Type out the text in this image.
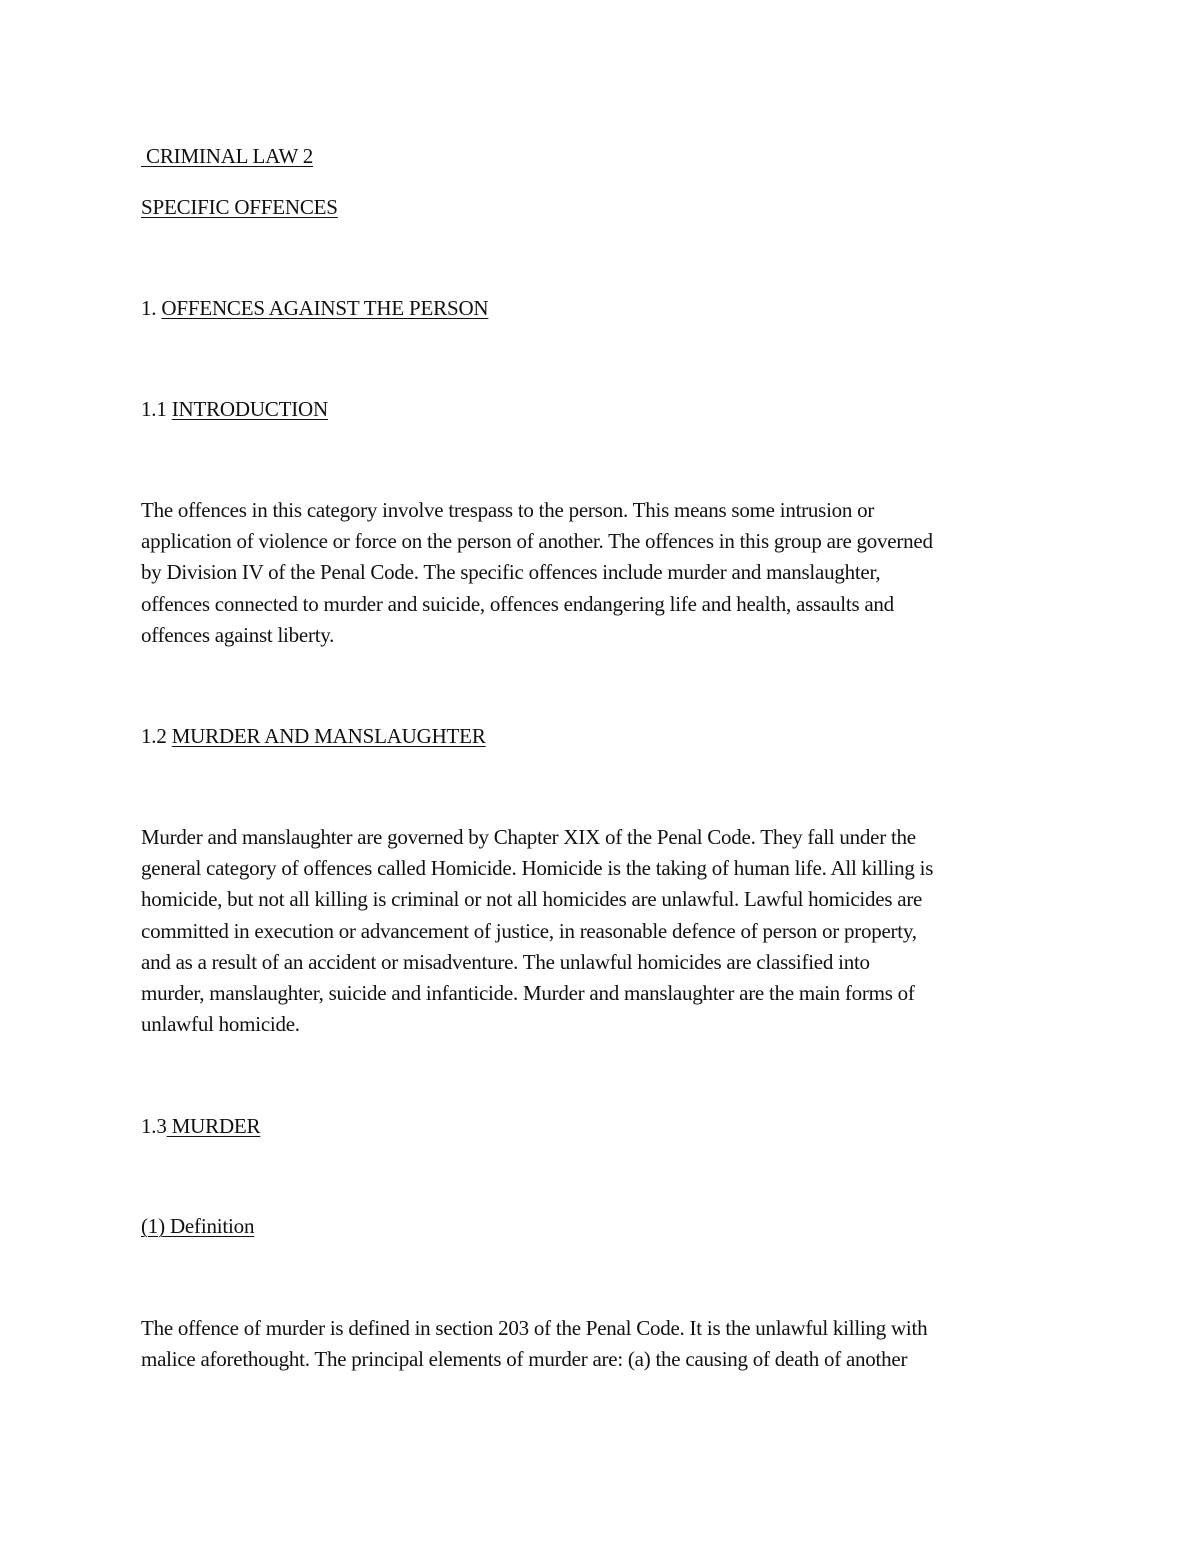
CRIMINAL LAW 2
SPECIFIC OFFENCES
1. OFFENCES AGAINST THE PERSON
1.1 INTRODUCTION
The offences in this category involve trespass to the person. This means some intrusion or
application of violence or force on the person of another. The offences in this group are governed
by Division IV of the Penal Code. The specific offences include murder and manslaughter,
offences connected to murder and suicide, offences endangering life and health, assaults and
offences against liberty.
1.2 MURDER AND MANSLAUGHTER
Murder and manslaughter are governed by Chapter XIX of the Penal Code. They fall under the
general category of offences called Homicide. Homicide is the taking of human life. All killing is
homicide, but not all killing is criminal or not all homicides are unlawful. Lawful homicides are
committed in execution or advancement of justice, in reasonable defence of person or property,
and as a result of an accident or misadventure. The unlawful homicides are classified into
murder, manslaughter, suicide and infanticide. Murder and manslaughter are the main forms of
unlawful homicide.
1.3 MURDER
(1) Definition
The offence of murder is defined in section 203 of the Penal Code. It is the unlawful killing with
malice aforethought. The principal elements of murder are: (a) the causing of death of another
